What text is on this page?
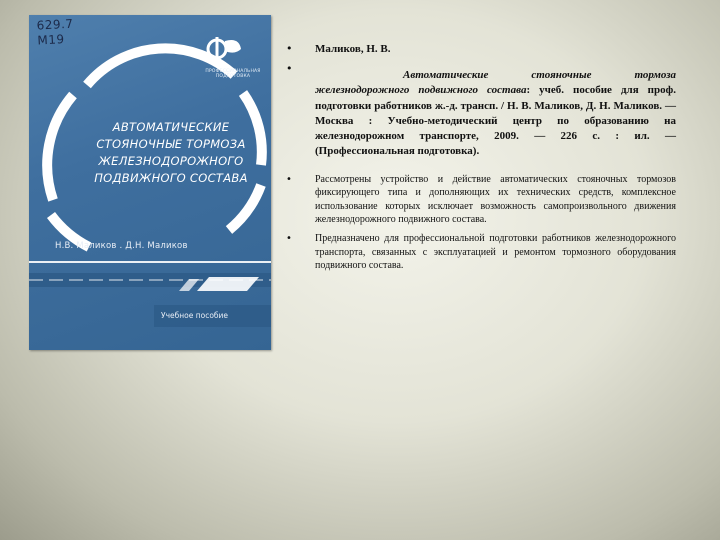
629.7
М19
ПРОФЕССИОНАЛЬНАЯ
ПОДГОТОВКА
АВТОМАТИЧЕСКИЕ
СТОЯНОЧНЫЕ ТОРМОЗА
ЖЕЛЕЗНОДОРОЖНОГО
ПОДВИЖНОГО СОСТАВА
Н.В. Маликов . Д.Н. Маликов
Учебное пособие
• Маликов, Н. В.
•	Автоматические стояночные тормоза железнодорожного подвижного состава: учеб. пособие для проф. подготовки работников ж.-д. трансп. / Н. В. Маликов, Д. Н. Маликов. — Москва : Учебно-методический центр по образованию на железнодорожном транспорте, 2009. — 226 с. : ил. — (Профессиональная подготовка).
• Рассмотрены устройство и действие автоматических стояночных тормозов фиксирующего типа и дополняющих их технических средств, комплексное использование которых исключает возможность самопроизвольного движения железнодорожного подвижного состава.
• Предназначено для профессиональной подготовки работников железнодорожного транспорта, связанных с эксплуатацией и ремонтом тормозного оборудования подвижного состава.
